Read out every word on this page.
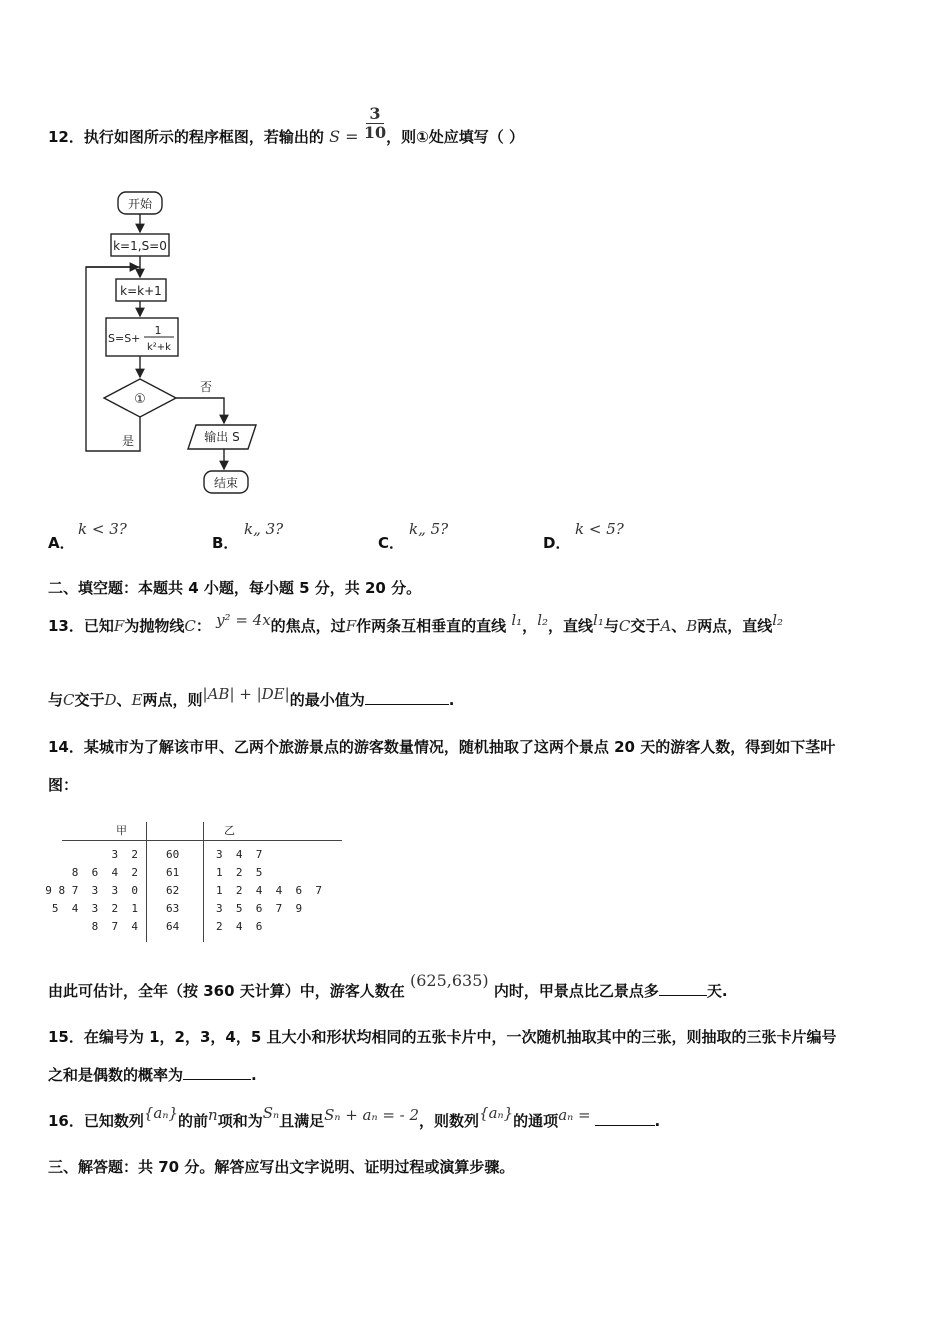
12．执行如图所示的程序框图，若输出的 $S = \frac{3}{10}$ ，则①处应填写（ ）
开始
k=1,S=0
k=k+1
S=S+
1
k²+k
①
否
是	输出 S
结束
A．
k < 3?
B．
k„ 3?
C．
k„ 5?
D．
k < 5?
二、填空题：本题共 4 小题，每小题 5 分，共 20 分。
13．已知F为抛物线C： y² = 4x的焦点，过F作两条互相垂直的直线 l₁，l₂，直线l₁与C交于A、B两点，直线l₂
与C交于D、E两点，则|AB| + |DE|的最小值为	.
14．某城市为了解该市甲、乙两个旅游景点的游客数量情况，随机抽取了这两个景点 20 天的游客人数，得到如下茎叶
图：
甲	乙
3  2	60	3  4  7
8  6  4  2	61	1  2  5
9 8 7  3  3  0	62	1  2  4  4  6  7
5  4  3  2  1	63	3  5  6  7  9
8  7  4	64	2  4  6
由此可估计，全年（按 360 天计算）中，游客人数在 (625,635) 内时，甲景点比乙景点多	天.
15．在编号为 1，2，3，4，5 且大小和形状均相同的五张卡片中，一次随机抽取其中的三张，则抽取的三张卡片编号
之和是偶数的概率为	.
16．已知数列{aₙ}的前n项和为Sₙ且满足Sₙ + aₙ = - 2，则数列{aₙ}的通项aₙ =	.
三、解答题：共 70 分。解答应写出文字说明、证明过程或演算步骤。
